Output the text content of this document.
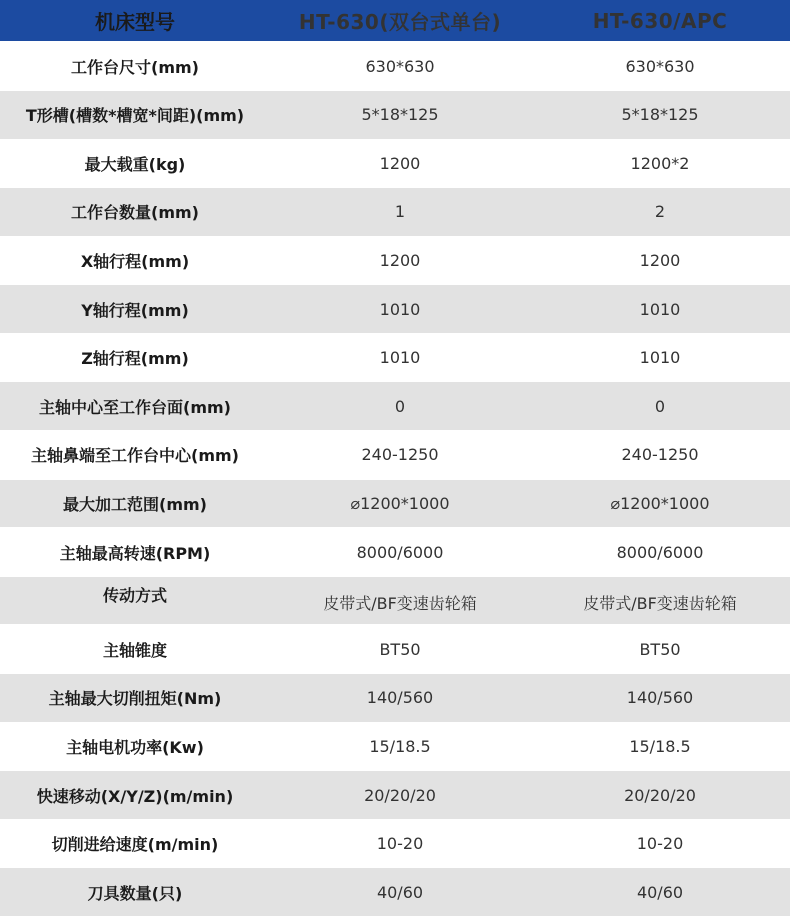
机床型号	HT-630(双台式单台)	HT-630/APC
工作台尺寸(mm)	630*630	630*630
T形槽(槽数*槽宽*间距)(mm)	5*18*125	5*18*125
最大载重(kg)	1200	1200*2
工作台数量(mm)	1	2
X轴行程(mm)	1200	1200
Y轴行程(mm)	1010	1010
Z轴行程(mm)	1010	1010
主轴中心至工作台面(mm)	0	0
主轴鼻端至工作台中心(mm)	240-1250	240-1250
最大加工范围(mm)	⌀1200*1000	⌀1200*1000
主轴最高转速(RPM)	8000/6000	8000/6000
传动方式	皮带式/BF变速齿轮箱	皮带式/BF变速齿轮箱
主轴锥度	BT50	BT50
主轴最大切削扭矩(Nm)	140/560	140/560
主轴电机功率(Kw)	15/18.5	15/18.5
快速移动(X/Y/Z)(m/min)	20/20/20	20/20/20
切削进给速度(m/min)	10-20	10-20
刀具数量(只)	40/60	40/60
